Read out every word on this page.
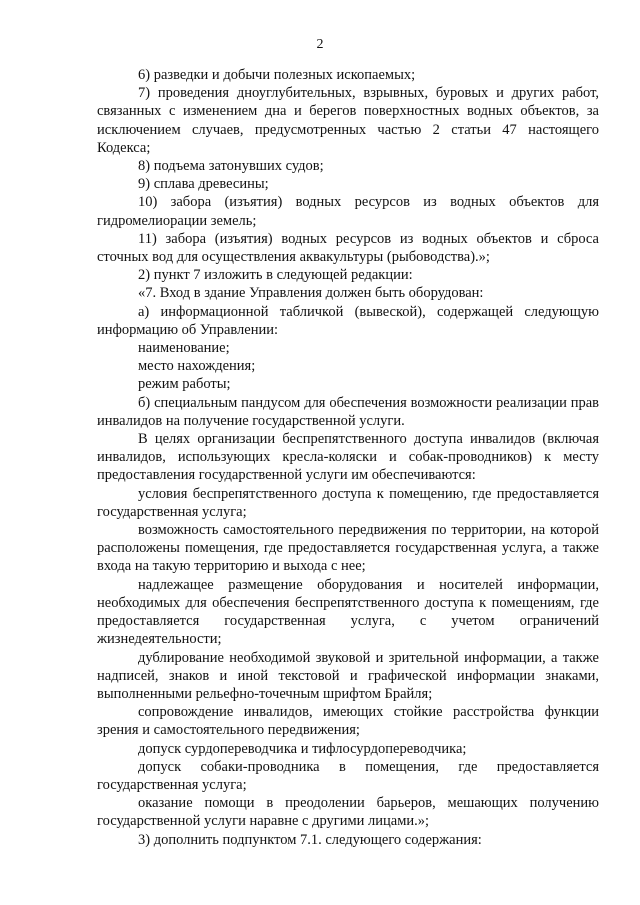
2

6) разведки и добычи полезных ископаемых;

7) проведения дноуглубительных, взрывных, буровых и других работ, связанных с изменением дна и берегов поверхностных водных объектов, за исключением случаев, предусмотренных частью 2 статьи 47 настоящего Кодекса;

8) подъема затонувших судов;

9) сплава древесины;

10) забора (изъятия) водных ресурсов из водных объектов для гидромелиорации земель;

11) забора (изъятия) водных ресурсов из водных объектов и сброса сточных вод для осуществления аквакультуры (рыбоводства).»;

2) пункт 7 изложить в следующей редакции:

«7. Вход в здание Управления должен быть оборудован:

а) информационной табличкой (вывеской), содержащей следующую информацию об Управлении:

наименование;

место нахождения;

режим работы;

б) специальным пандусом для обеспечения возможности реализации прав инвалидов на получение государственной услуги.

В целях организации беспрепятственного доступа инвалидов (включая инвалидов, использующих кресла-коляски и собак-проводников) к месту предоставления государственной услуги им обеспечиваются:

условия беспрепятственного доступа к помещению, где предоставляется государственная услуга;

возможность самостоятельного передвижения по территории, на которой расположены помещения, где предоставляется государственная услуга, а также входа на такую территорию и выхода с нее;

надлежащее размещение оборудования и носителей информации, необходимых для обеспечения беспрепятственного доступа к помещениям, где предоставляется государственная услуга, с учетом ограничений жизнедеятельности;

дублирование необходимой звуковой и зрительной информации, а также надписей, знаков и иной текстовой и графической информации знаками, выполненными рельефно-точечным шрифтом Брайля;

сопровождение инвалидов, имеющих стойкие расстройства функции зрения и самостоятельного передвижения;

допуск сурдопереводчика и тифлосурдопереводчика;

допуск собаки-проводника в помещения, где предоставляется государственная услуга;

оказание помощи в преодолении барьеров, мешающих получению государственной услуги наравне с другими лицами.»;

3) дополнить подпунктом 7.1. следующего содержания:
